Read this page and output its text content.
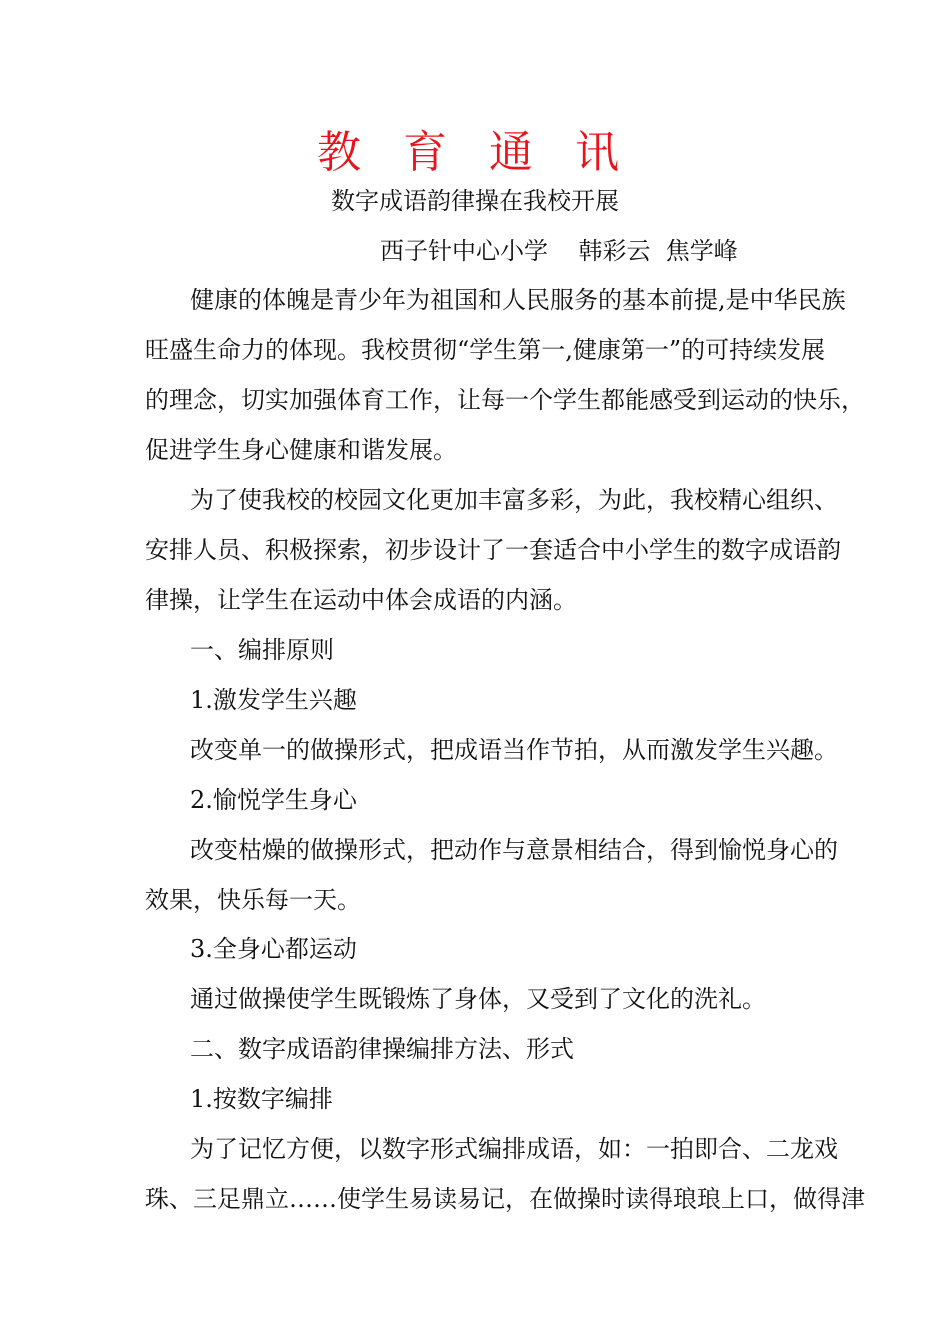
教 育 通 讯
数字成语韵律操在我校开展
西子针中心小学    韩彩云  焦学峰
健康的体魄是青少年为祖国和人民服务的基本前提,是中华民族
旺盛生命力的体现。我校贯彻“学生第一,健康第一”的可持续发展
的理念，切实加强体育工作，让每一个学生都能感受到运动的快乐，
促进学生身心健康和谐发展。
为了使我校的校园文化更加丰富多彩，为此，我校精心组织、
安排人员、积极探索，初步设计了一套适合中小学生的数字成语韵
律操，让学生在运动中体会成语的内涵。
一、编排原则
1.激发学生兴趣
改变单一的做操形式，把成语当作节拍，从而激发学生兴趣。
2.愉悦学生身心
改变枯燥的做操形式，把动作与意景相结合，得到愉悦身心的
效果，快乐每一天。
3.全身心都运动
通过做操使学生既锻炼了身体，又受到了文化的洗礼。
二、数字成语韵律操编排方法、形式
1.按数字编排
为了记忆方便，以数字形式编排成语，如：一拍即合、二龙戏
珠、三足鼎立……使学生易读易记，在做操时读得琅琅上口，做得津
